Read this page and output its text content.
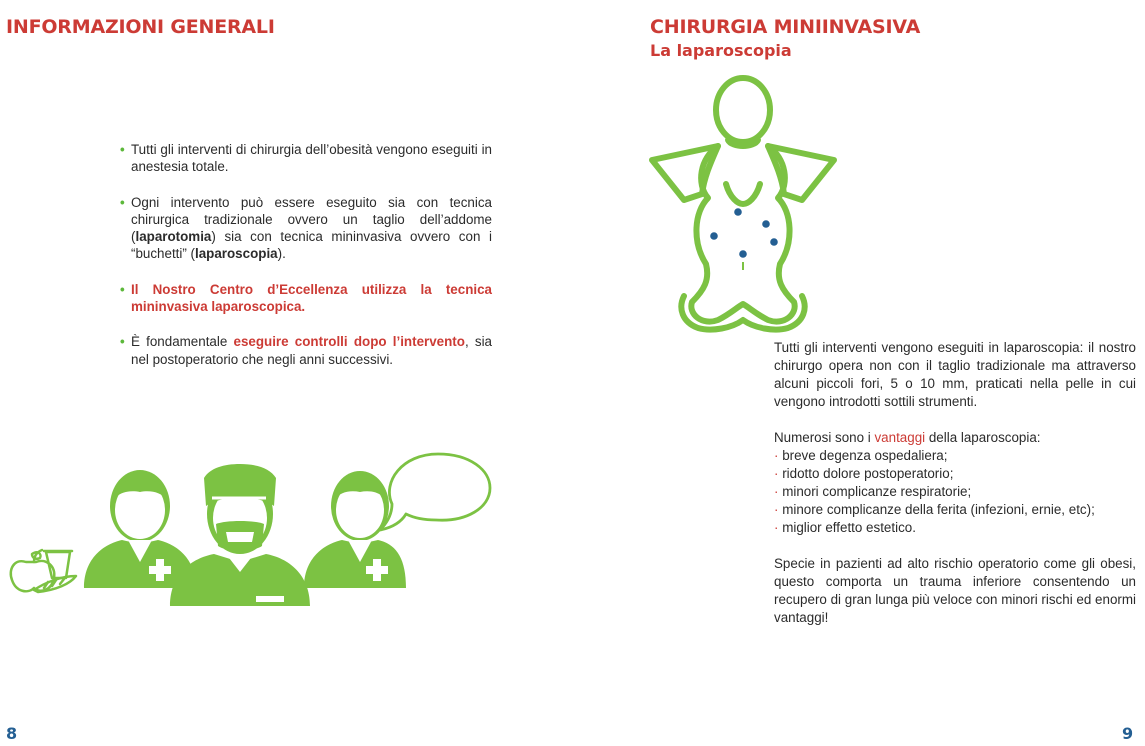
INFORMAZIONI GENERALI
• Tutti gli interventi di chirurgia dell’obesità vengono eseguiti in anestesia totale.
• Ogni intervento può essere eseguito sia con tecnica chirurgica tradizionale ovvero un taglio dell’addome (laparotomia) sia con tecnica mininvasiva ovvero con i “buchetti” (laparoscopia).
• Il Nostro Centro d’Eccellenza utilizza la tecnica mininvasiva laparoscopica.
• È fondamentale eseguire controlli dopo l’intervento, sia nel postoperatorio che negli anni successivi.
8
CHIRURGIA MINIINVASIVA
La laparoscopia

Tutti gli interventi vengono eseguiti in laparoscopia: il nostro chirurgo opera non con il taglio tradizionale ma attraverso alcuni piccoli fori, 5 o 10 mm, praticati nella pelle in cui vengono introdotti sottili strumenti.

Numerosi sono i vantaggi della laparoscopia:
· breve degenza ospedaliera;
· ridotto dolore postoperatorio;
· minori complicanze respiratorie;
· minore complicanze della ferita (infezioni, ernie, etc);
· miglior effetto estetico.

Specie in pazienti ad alto rischio operatorio come gli obesi, questo comporta un trauma inferiore consentendo un recupero di gran lunga più veloce con minori rischi ed enormi vantaggi!

9
